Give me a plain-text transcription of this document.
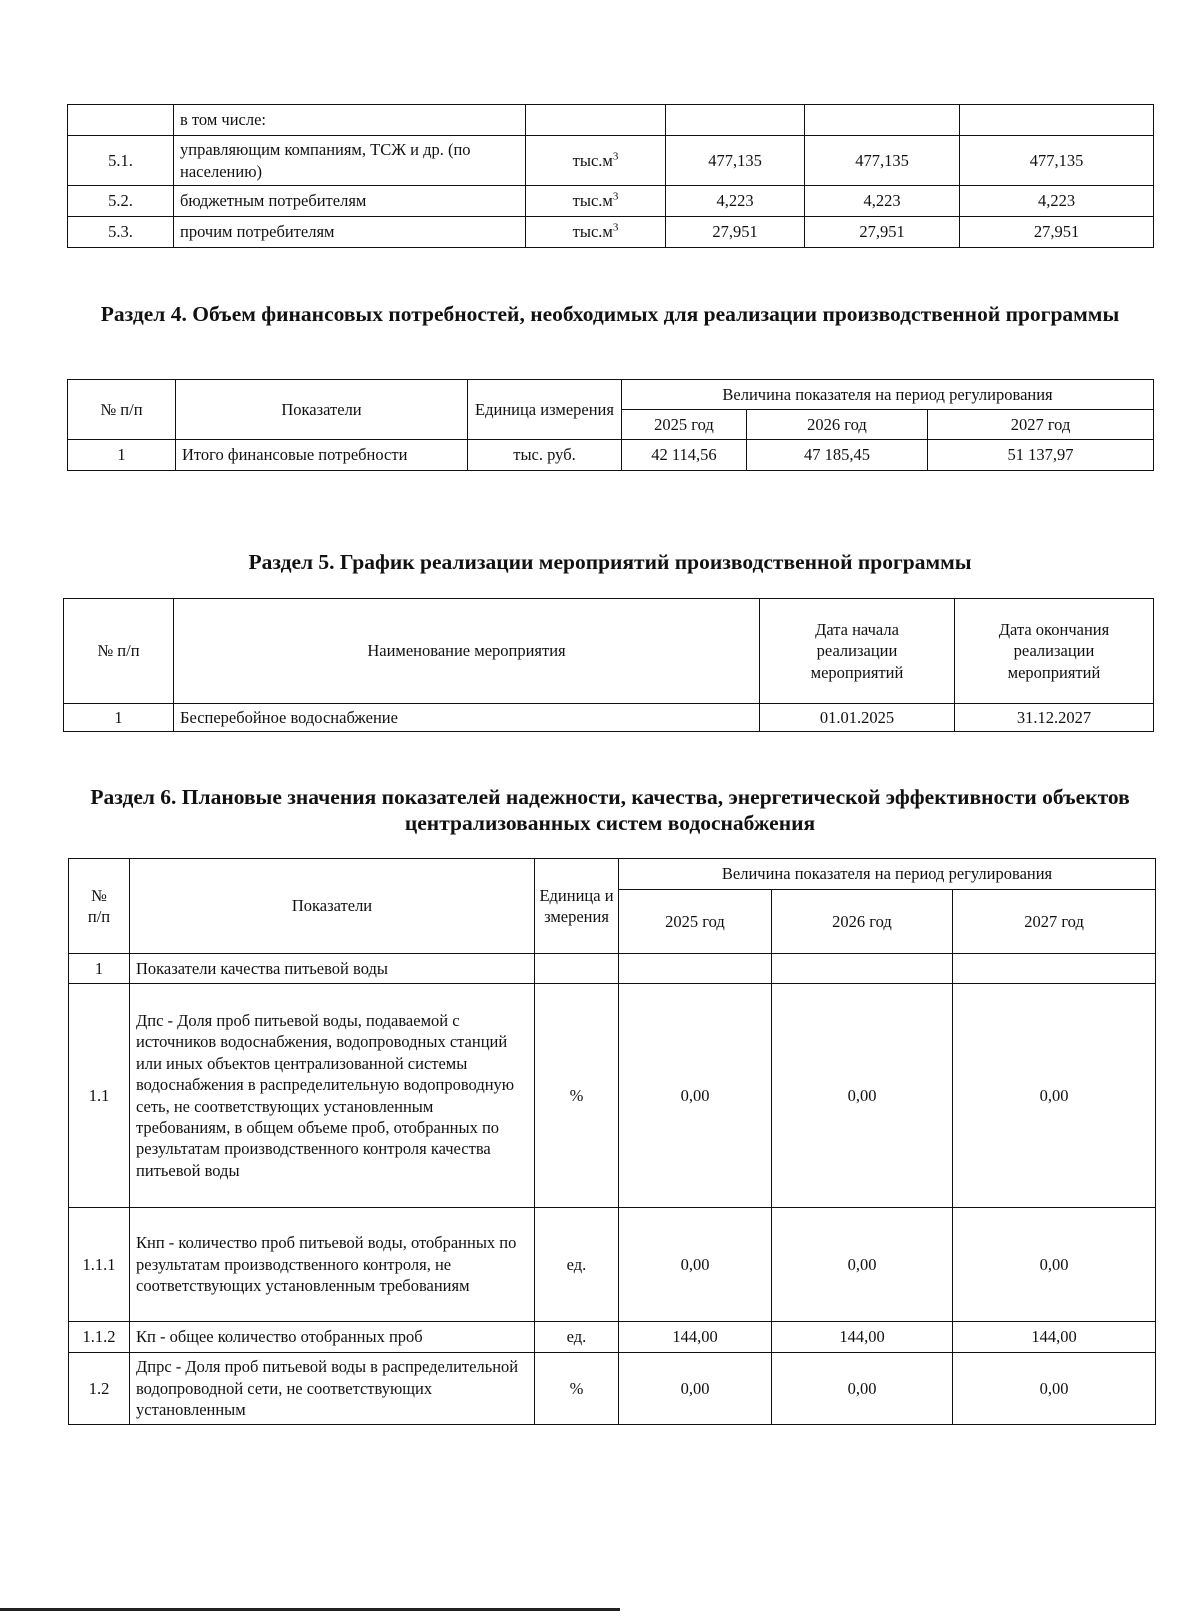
	в том числе:				
5.1.	управляющим компаниям, ТСЖ и др. (по населению)	$тыс.м^3$	477,135	477,135	477,135
5.2.	бюджетным потребителям	$тыс.м^3$	4,223	4,223	4,223
5.3.	прочим потребителям	$тыс.м^3$	27,951	27,951	27,951
Раздел 4. Объем финансовых потребностей, необходимых для реализации производственной программы
№ п/п	Показатели	Единица измерения	Величина показателя на период регулирования		
			2025 год	2026 год	2027 год
1	Итого финансовые потребности	тыс. руб.	42 114,56	47 185,45	51 137,97
Раздел 5. График реализации мероприятий производственной программы
№ п/п	Наименование мероприятия	Дата начала реализации мероприятий	Дата окончания реализации мероприятий
1	Бесперебойное водоснабжение	01.01.2025	31.12.2027
Раздел 6. Плановые значения показателей надежности, качества, энергетической эффективности объектов централизованных систем водоснабжения
№ п/п	Показатели	Единица измерения	Величина показателя на период регулирования		
			2025 год	2026 год	2027 год
1	Показатели качества питьевой воды				
1.1	Дпс - Доля проб питьевой воды, подаваемой с источников водоснабжения, водопроводных станций или иных объектов централизованной системы водоснабжения в распределительную водопроводную сеть, не соответствующих установленным требованиям, в общем объеме проб, отобранных по результатам производственного контроля качества питьевой воды	%	0,00	0,00	0,00
1.1.1	Кнп - количество проб питьевой воды, отобранных по результатам производственного контроля, не соответствующих установленным требованиям	ед.	0,00	0,00	0,00
1.1.2	Кп - общее количество отобранных проб	ед.	144,00	144,00	144,00
1.2	Дпрс - Доля проб питьевой воды в распределительной водопроводной сети, не соответствующих установленным	%	0,00	0,00	0,00
